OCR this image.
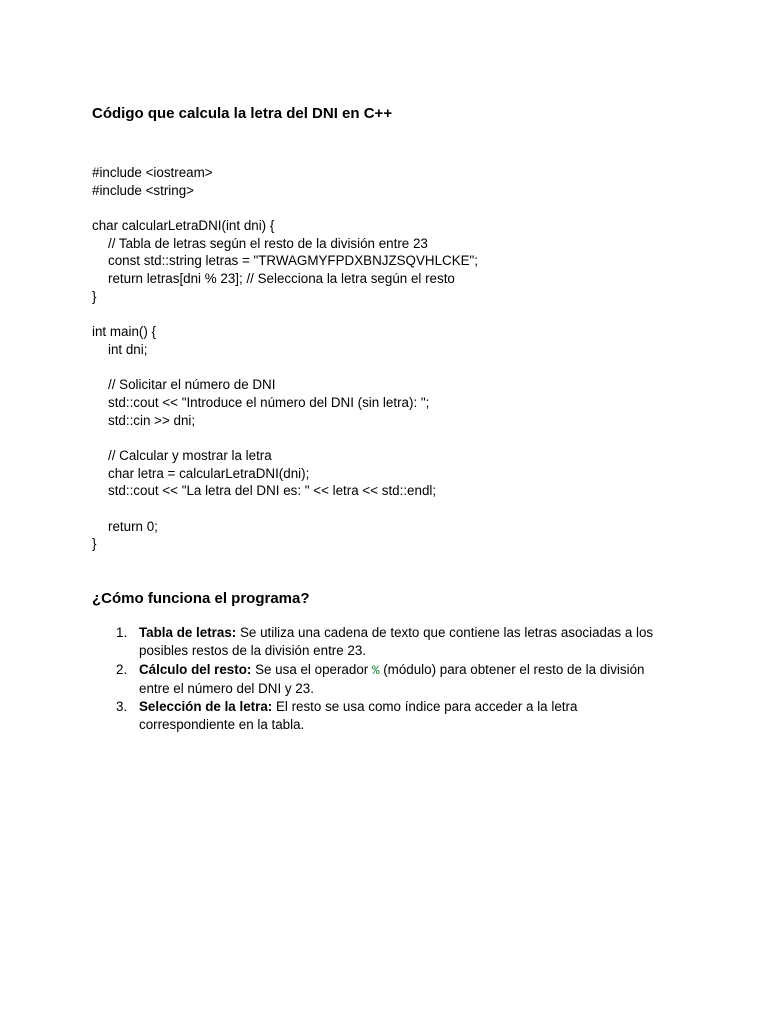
Código que calcula la letra del DNI en C++
#include <iostream>
#include <string>
char calcularLetraDNI(int dni) {
// Tabla de letras según el resto de la división entre 23
const std::string letras = "TRWAGMYFPDXBNJZSQVHLCKE";
return letras[dni % 23]; // Selecciona la letra según el resto
}
int main() {
int dni;
// Solicitar el número de DNI
std::cout << "Introduce el número del DNI (sin letra): ";
std::cin >> dni;
// Calcular y mostrar la letra
char letra = calcularLetraDNI(dni);
std::cout << "La letra del DNI es: " << letra << std::endl;
return 0;
}
¿Cómo funciona el programa?
1. Tabla de letras: Se utiliza una cadena de texto que contiene las letras asociadas a los posibles restos de la división entre 23.
2. Cálculo del resto: Se usa el operador % (módulo) para obtener el resto de la división entre el número del DNI y 23.
3. Selección de la letra: El resto se usa como índice para acceder a la letra correspondiente en la tabla.
